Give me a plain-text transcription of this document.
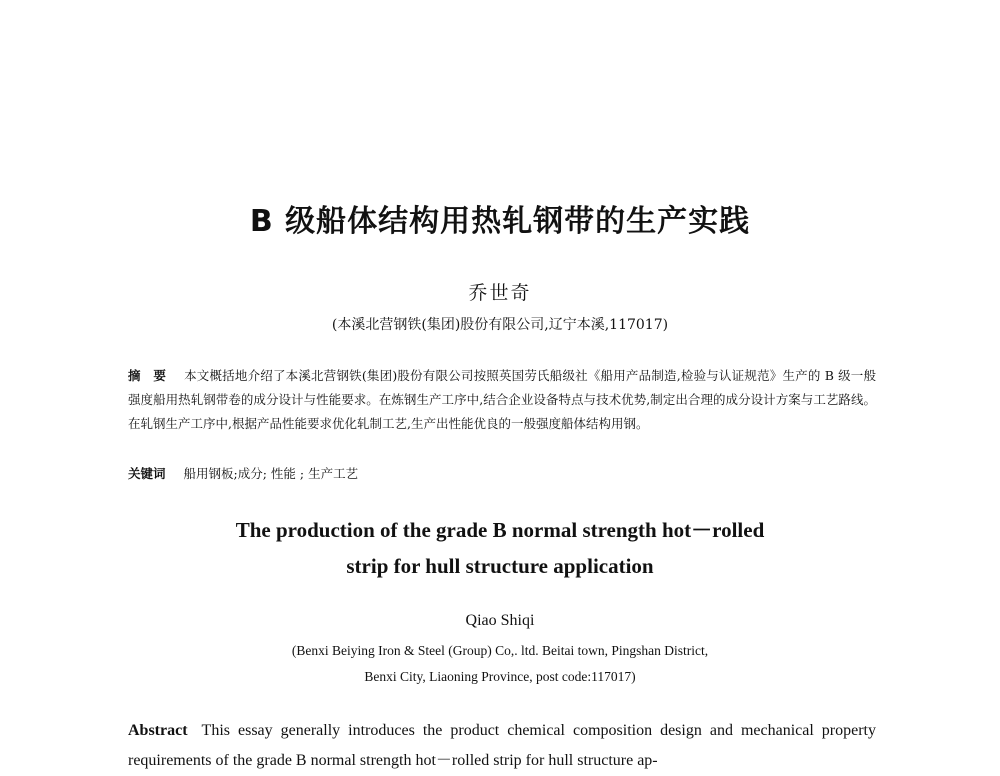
B 级船体结构用热轧钢带的生产实践
乔世奇
(本溪北营钢铁(集团)股份有限公司,辽宁本溪,117017)
摘　要 本文概括地介绍了本溪北营钢铁(集团)股份有限公司按照英国劳氏船级社《船用产品制造,检验与认证规范》生产的 B 级一般强度船用热轧钢带卷的成分设计与性能要求。在炼钢生产工序中,结合企业设备特点与技术优势,制定出合理的成分设计方案与工艺路线。在轧钢生产工序中,根据产品性能要求优化轧制工艺,生产出性能优良的一般强度船体结构用钢。
关键词 船用钢板;成分; 性能 ; 生产工艺
The production of the grade B normal strength hot－rolled
strip for hull structure application
Qiao Shiqi
(Benxi Beiying Iron & Steel (Group) Co,. ltd. Beitai town, Pingshan District,
Benxi City, Liaoning Province, post code:117017)
Abstract This essay generally introduces the product chemical composition design and mechanical property requirements of the grade B normal strength hot－rolled strip for hull structure ap-
